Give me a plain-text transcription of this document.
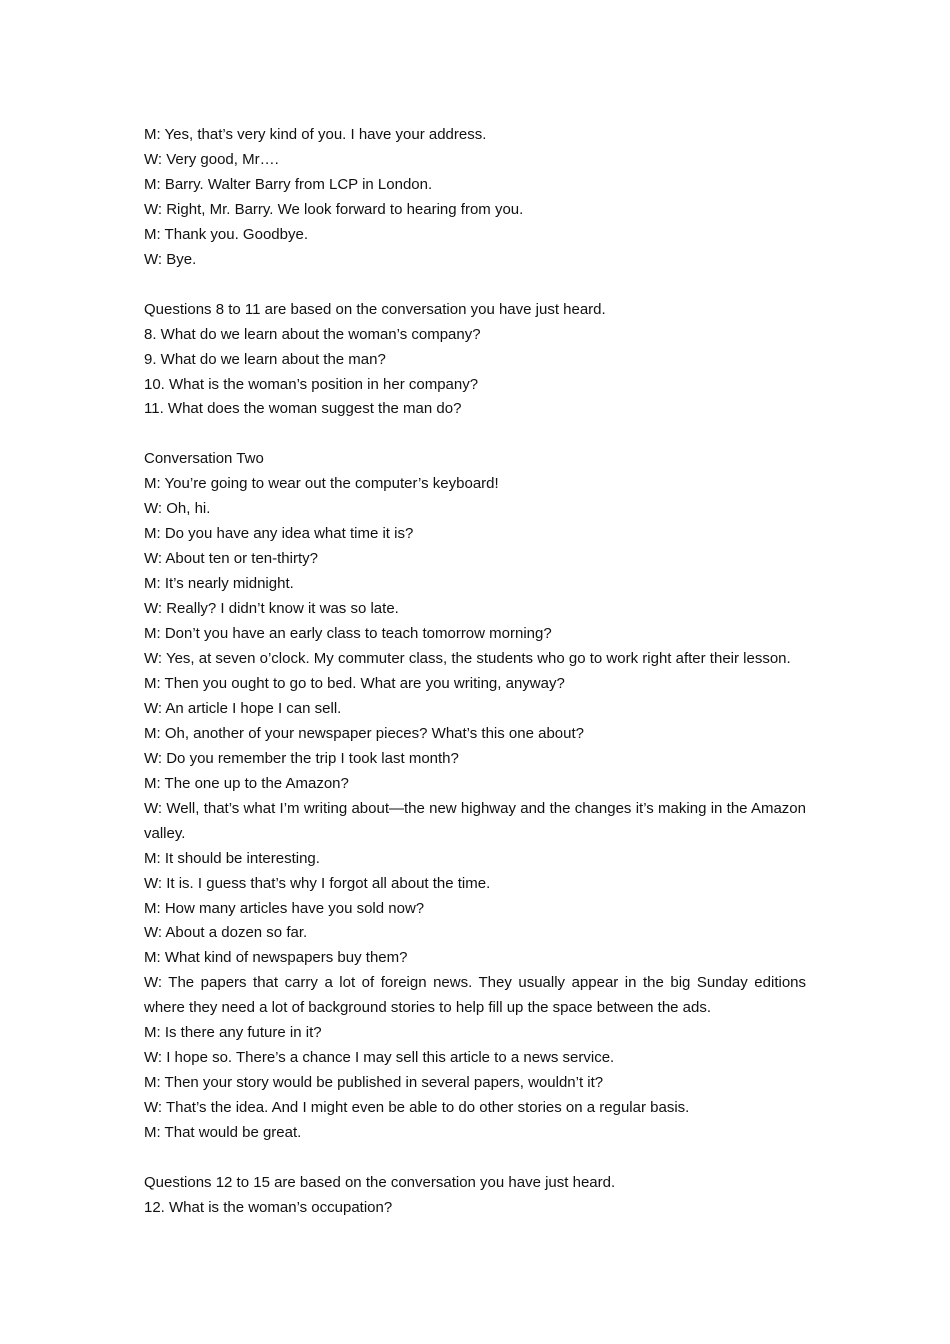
M: Yes, that’s very kind of you. I have your address.
W: Very good, Mr….
M: Barry. Walter Barry from LCP in London.
W: Right, Mr. Barry. We look forward to hearing from you.
M: Thank you. Goodbye.
W: Bye.
Questions 8 to 11 are based on the conversation you have just heard.
8. What do we learn about the woman’s company?
9. What do we learn about the man?
10. What is the woman’s position in her company?
11. What does the woman suggest the man do?
Conversation Two
M: You’re going to wear out the computer’s keyboard!
W: Oh, hi.
M: Do you have any idea what time it is?
W: About ten or ten-thirty?
M: It’s nearly midnight.
W: Really? I didn’t know it was so late.
M: Don’t you have an early class to teach tomorrow morning?
W: Yes, at seven o’clock. My commuter class, the students who go to work right after their lesson.
M: Then you ought to go to bed. What are you writing, anyway?
W: An article I hope I can sell.
M: Oh, another of your newspaper pieces? What’s this one about?
W: Do you remember the trip I took last month?
M: The one up to the Amazon?
W: Well, that’s what I’m writing about—the new highway and the changes it’s making in the Amazon valley.
M: It should be interesting.
W: It is. I guess that’s why I forgot all about the time.
M: How many articles have you sold now?
W: About a dozen so far.
M: What kind of newspapers buy them?
W: The papers that carry a lot of foreign news. They usually appear in the big Sunday editions where they need a lot of background stories to help fill up the space between the ads.
M: Is there any future in it?
W: I hope so. There’s a chance I may sell this article to a news service.
M: Then your story would be published in several papers, wouldn’t it?
W: That’s the idea. And I might even be able to do other stories on a regular basis.
M: That would be great.
Questions 12 to 15 are based on the conversation you have just heard.
12. What is the woman’s occupation?
